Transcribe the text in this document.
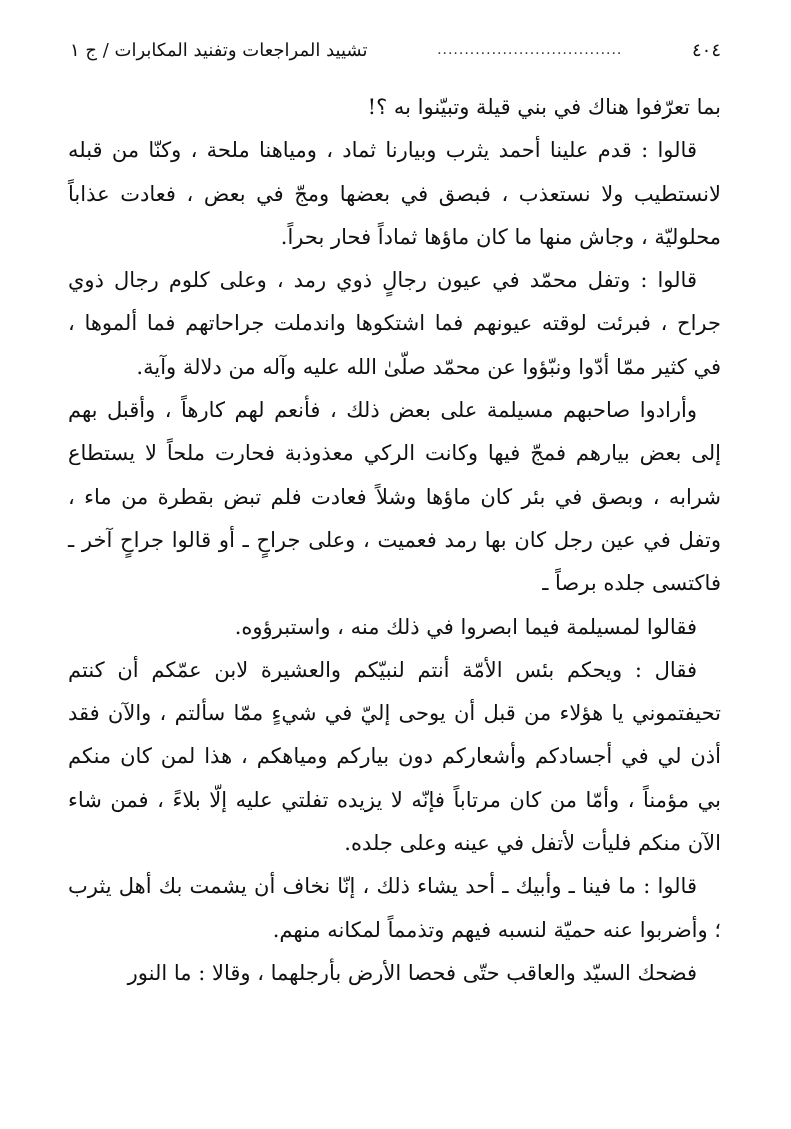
٤٠٤
..................................
تشييد المراجعات وتفنيد المكابرات / ج ١

بما تعرّفوا هناك في بني قيلة وتبيّنوا به ؟!

قالوا : قدم علينا أحمد يثرب وبيارنا ثماد ، ومياهنا ملحة ، وكنّا من قبله لانستطيب ولا نستعذب ، فبصق في بعضها ومجّ في بعض ، فعادت عذاباً محلوليّة ، وجاش منها ما كان ماؤها ثماداً فحار بحراً.

قالوا : وتفل محمّد في عيون رجالٍ ذوي رمد ، وعلى كلوم رجال ذوي جراح ، فبرئت لوقته عيونهم فما اشتكوها واندملت جراحاتهم فما ألموها ، في كثير ممّا أدّوا ونبّؤوا عن محمّد صلّىٰ الله عليه وآله من دلالة وآية.

وأرادوا صاحبهم مسيلمة على بعض ذلك ، فأنعم لهم كارهاً ، وأقبل بهم إلى بعض بيارهم فمجّ فيها وكانت الركي معذوذبة فحارت ملحاً لا يستطاع شرابه ، وبصق في بئر كان ماؤها وشلاً فعادت فلم تبض بقطرة من ماء ، وتفل في عين رجل كان بها رمد فعميت ، وعلى جراحٍ ـ أو قالوا جراحٍ آخر ـ فاكتسى جلده برصاً ـ

فقالوا لمسيلمة فيما ابصروا في ذلك منه ، واستبرؤوه.

فقال : ويحكم بئس الأمّة أنتم لنبيّكم والعشيرة لابن عمّكم أن كنتم تحيفتموني يا هؤلاء من قبل أن يوحى إليّ في شيءٍ ممّا سألتم ، والآن فقد أذن لي في أجسادكم وأشعاركم دون بياركم ومياهكم ، هذا لمن كان منكم بي مؤمناً ، وأمّا من كان مرتاباً فإنّه لا يزيده تفلتي عليه إلّا بلاءً ، فمن شاء الآن منكم فليأت لأتفل في عينه وعلى جلده.

قالوا : ما فينا ـ وأبيك ـ أحد يشاء ذلك ، إنّا نخاف أن يشمت بك أهل يثرب ؛ وأضربوا عنه حميّة لنسبه فيهم وتذمماً لمكانه منهم.

فضحك السيّد والعاقب حتّى فحصا الأرض بأرجلهما ، وقالا : ما النور
